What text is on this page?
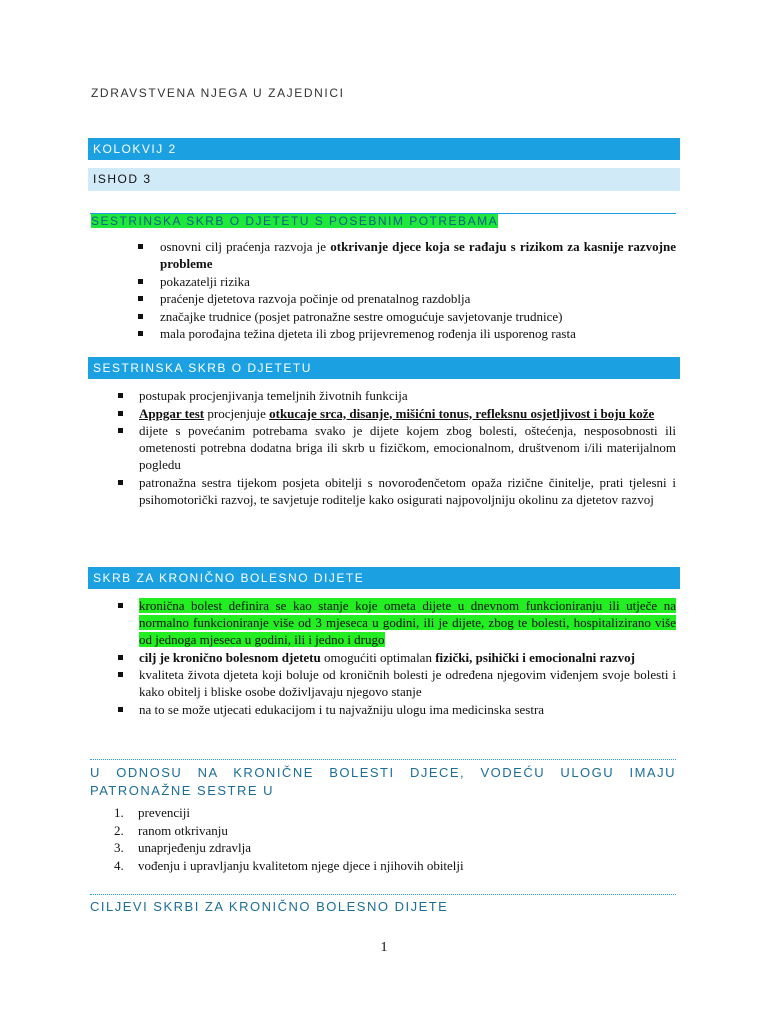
ZDRAVSTVENA NJEGA U ZAJEDNICI
KOLOKVIJ 2
ISHOD 3
SESTRINSKA SKRB O DJETETU S POSEBNIM POTREBAMA
osnovni cilj praćenja razvoja je otkrivanje djece koja se rađaju s rizikom za kasnije razvojne probleme
pokazatelji rizika
praćenje djetetova razvoja počinje od prenatalnog razdoblja
značajke trudnice (posjet patronažne sestre omogućuje savjetovanje trudnice)
mala porođajna težina djeteta ili zbog prijevremenog rođenja ili usporenog rasta
SESTRINSKA SKRB O DJETETU
postupak procjenjivanja temeljnih životnih funkcija
Appgar test procjenjuje otkucaje srca, disanje, mišićni tonus, refleksnu osjetljivost i boju kože
dijete s povećanim potrebama svako je dijete kojem zbog bolesti, oštećenja, nesposobnosti ili ometenosti potrebna dodatna briga ili skrb u fizičkom, emocionalnom, društvenom i/ili materijalnom pogledu
patronažna sestra tijekom posjeta obitelji s novorođenčetom opaža rizične činitelje, prati tjelesni i psihomotorički razvoj, te savjetuje roditelje kako osigurati najpovoljniju okolinu za djetetov razvoj
SKRB ZA KRONIČNO BOLESNO DIJETE
kronična bolest definira se kao stanje koje ometa dijete u dnevnom funkcioniranju ili utječe na normalno funkcioniranje više od 3 mjeseca u godini, ili je dijete, zbog te bolesti, hospitalizirano više od jednoga mjeseca u godini, ili i jedno i drugo
cilj je kronično bolesnom djetetu omogućiti optimalan fizički, psihički i emocionalni razvoj
kvaliteta života djeteta koji boluje od kroničnih bolesti je određena njegovim viđenjem svoje bolesti i kako obitelj i bliske osobe doživljavaju njegovo stanje
na to se može utjecati edukacijom i tu najvažniju ulogu ima medicinska sestra
U ODNOSU NA KRONIČNE BOLESTI DJECE, VODEĆU ULOGU IMAJU PATRONAŽNE SESTRE U
1.	prevenciji
2.	ranom otkrivanju
3.	unaprjeđenju zdravlja
4.	vođenju i upravljanju kvalitetom njege djece i njihovih obitelji
CILJEVI SKRBI ZA KRONIČNO BOLESNO DIJETE
1
